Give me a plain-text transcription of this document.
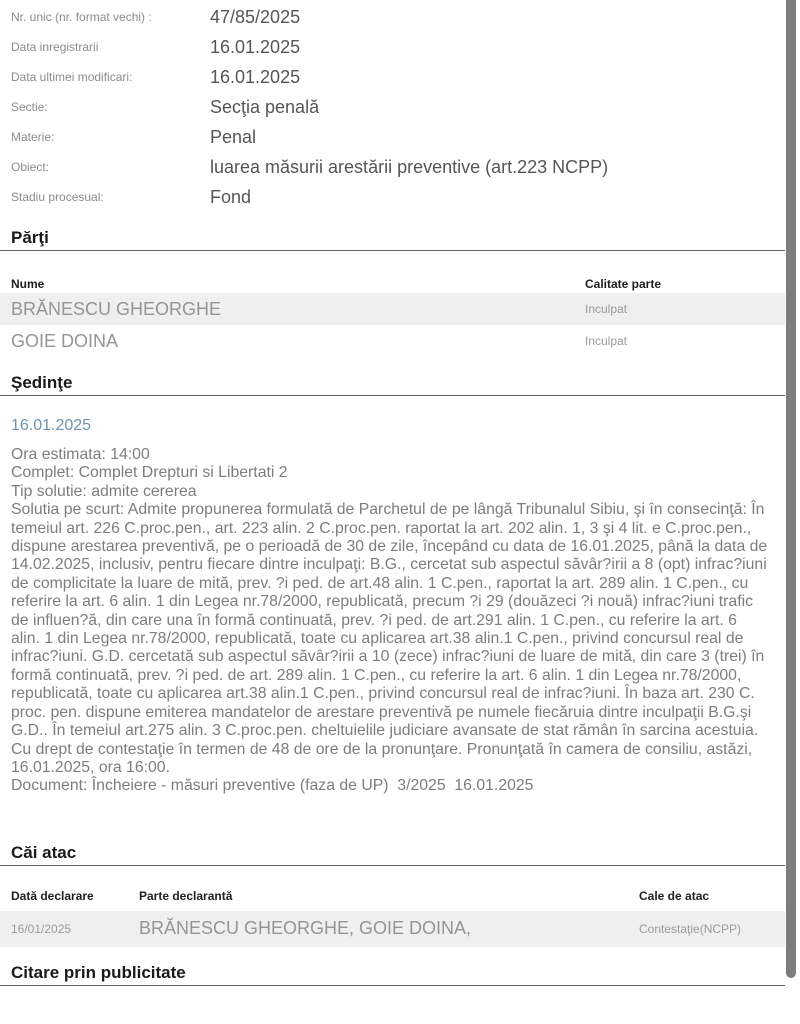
Nr. unic (nr. format vechi) :	47/85/2025
Data inregistrarii	16.01.2025
Data ultimei modificari:	16.01.2025
Sectie:	Secţia penală
Materie:	Penal
Obiect:	luarea măsurii arestării preventive (art.223 NCPP)
Stadiu procesual:	Fond
Părţi
Nume	Calitate parte
BRĂNESCU GHEORGHE	Inculpat
GOIE DOINA	Inculpat
Şedinţe
16.01.2025
Ora estimata: 14:00
Complet: Complet Drepturi si Libertati 2
Tip solutie: admite cererea
Solutia pe scurt: Admite propunerea formulată de Parchetul de pe lângă Tribunalul Sibiu, şi în consecinţă: În temeiul art. 226 C.proc.pen., art. 223 alin. 2 C.proc.pen. raportat la art. 202 alin. 1, 3 şi 4 lit. e C.proc.pen., dispune arestarea preventivă, pe o perioadă de 30 de zile, începând cu data de 16.01.2025, până la data de 14.02.2025, inclusiv, pentru fiecare dintre inculpaţi: B.G., cercetat sub aspectul săvâr?irii a 8 (opt) infrac?iuni de complicitate la luare de mită, prev. ?i ped. de art.48 alin. 1 C.pen., raportat la art. 289 alin. 1 C.pen., cu referire la art. 6 alin. 1 din Legea nr.78/2000, republicată, precum ?i 29 (douăzeci ?i nouă) infrac?iuni trafic de influen?ă, din care una în formă continuată, prev. ?i ped. de art.291 alin. 1 C.pen., cu referire la art. 6 alin. 1 din Legea nr.78/2000, republicată, toate cu aplicarea art.38 alin.1 C.pen., privind concursul real de infrac?iuni. G.D. cercetată sub aspectul săvâr?irii a 10 (zece) infrac?iuni de luare de mită, din care 3 (trei) în formă continuată, prev. ?i ped. de art. 289 alin. 1 C.pen., cu referire la art. 6 alin. 1 din Legea nr.78/2000, republicată, toate cu aplicarea art.38 alin.1 C.pen., privind concursul real de infrac?iuni. În baza art. 230 C. proc. pen. dispune emiterea mandatelor de arestare preventivă pe numele fiecăruia dintre inculpaţii B.G.şi G.D.. În temeiul art.275 alin. 3 C.proc.pen. cheltuielile judiciare avansate de stat rămân în sarcina acestuia. Cu drept de contestaţie în termen de 48 de ore de la pronunţare. Pronunţată în camera de consiliu, astăzi, 16.01.2025, ora 16:00.
Document: Încheiere - măsuri preventive (faza de UP)  3/2025  16.01.2025
Căi atac
Dată declarare	Parte declarantă	Cale de atac
16/01/2025	BRĂNESCU GHEORGHE, GOIE DOINA,	Contestaţie(NCPP)
Citare prin publicitate
